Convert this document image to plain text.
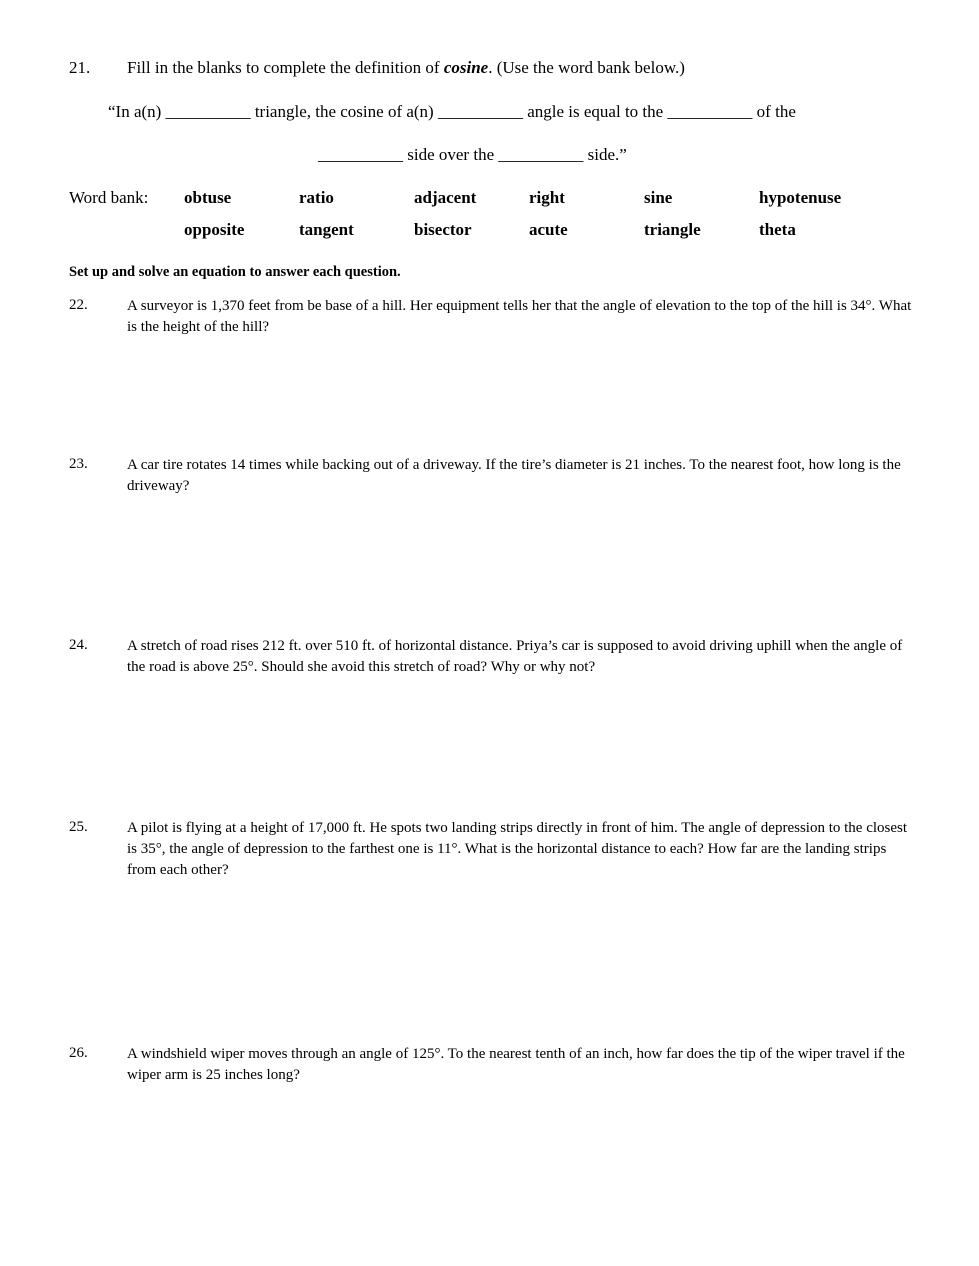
21. Fill in the blanks to complete the definition of cosine. (Use the word bank below.)
“In a(n) __________ triangle, the cosine of a(n) __________ angle is equal to the __________ of the
__________ side over the __________ side.”
Word bank: obtuse	ratio	adjacent	right	sine	hypotenuse
opposite	tangent	bisector	acute	triangle	theta
Set up and solve an equation to answer each question.
22.	A surveyor is 1,370 feet from be base of a hill. Her equipment tells her that the angle of elevation to the top of the hill is 34°. What is the height of the hill?
23.	A car tire rotates 14 times while backing out of a driveway. If the tire’s diameter is 21 inches. To the nearest foot, how long is the driveway?
24.	A stretch of road rises 212 ft. over 510 ft. of horizontal distance. Priya’s car is supposed to avoid driving uphill when the angle of the road is above 25°. Should she avoid this stretch of road? Why or why not?
25.	A pilot is flying at a height of 17,000 ft. He spots two landing strips directly in front of him. The angle of depression to the closest is 35°, the angle of depression to the farthest one is 11°. What is the horizontal distance to each? How far are the landing strips from each other?
26.	A windshield wiper moves through an angle of 125°. To the nearest tenth of an inch, how far does the tip of the wiper travel if the wiper arm is 25 inches long?
